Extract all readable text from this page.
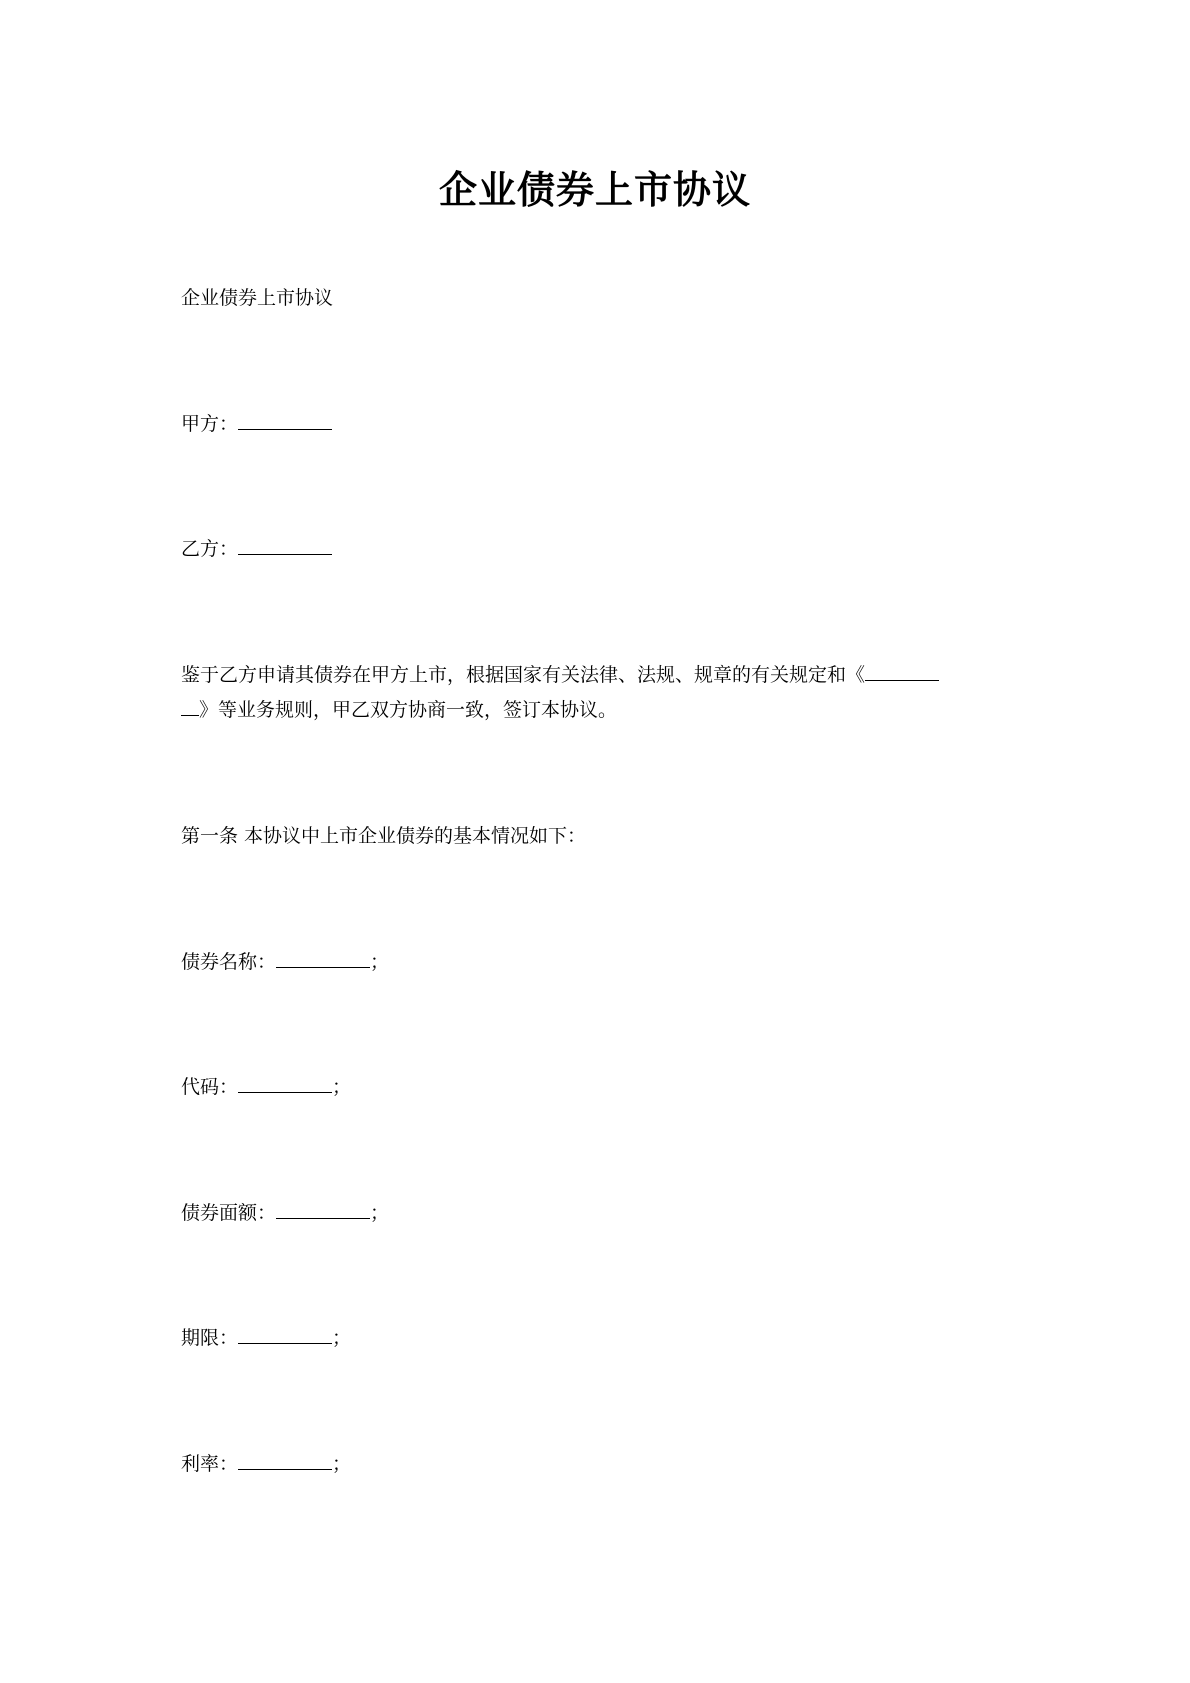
企业债券上市协议
企业债券上市协议
甲方：
乙方：
鉴于乙方申请其债券在甲方上市，根据国家有关法律、法规、规章的有关规定和《
》等业务规则，甲乙双方协商一致，签订本协议。
第一条 本协议中上市企业债券的基本情况如下：
债券名称：	；
代码：	；
债券面额：	；
期限：	；
利率：	；
